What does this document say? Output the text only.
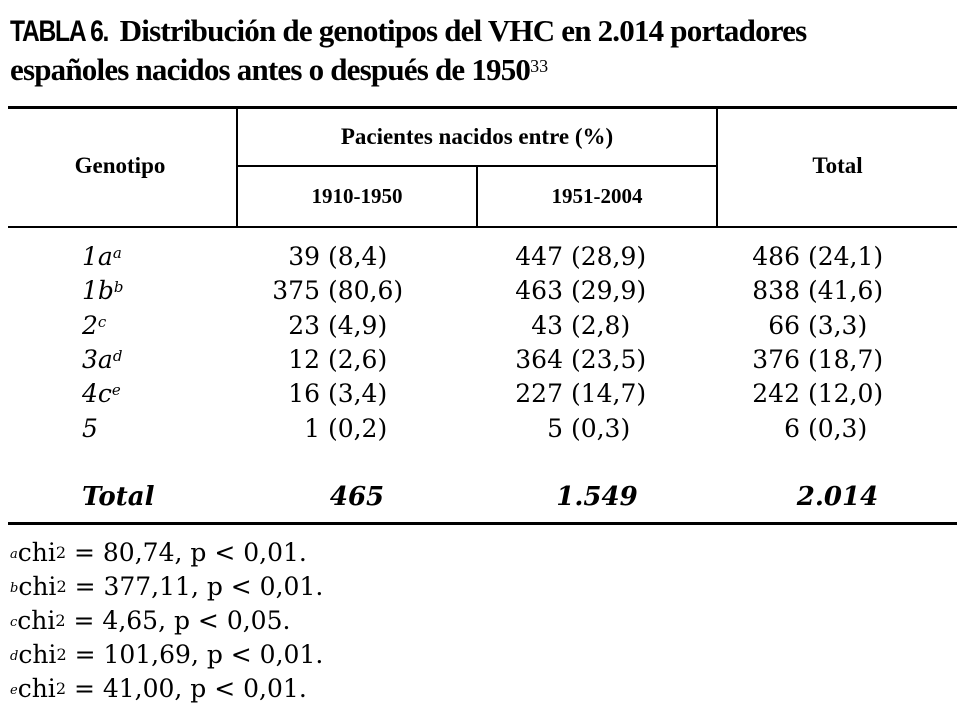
TABLA 6. Distribución de genotipos del VHC en 2.014 portadores
españoles nacidos antes o después de 1950$^{33}$
Genotipo
Pacientes nacidos entre (%)
1910-1950	1951-2004
Total
$1a^a$	39 (8,4)	447 (28,9)	486 (24,1)
$1b^b$	375 (80,6)	463 (29,9)	838 (41,6)
2$^c$	23 (4,9)	43 (2,8)	66 (3,3)
$3a^d$	12 (2,6)	364 (23,5)	376 (18,7)
$4c^e$	16 (3,4)	227 (14,7)	242 (12,0)
5	1 (0,2)	5 (0,3)	6 (0,3)
Total	465	1.549	2.014
$^a$chi$^2$ = 80,74, p < 0,01.
$^b$chi$^2$ = 377,11, p < 0,01.
$^c$chi$^2$ = 4,65, p < 0,05.
$^d$chi$^2$ = 101,69, p < 0,01.
$^e$chi$^2$ = 41,00, p < 0,01.
